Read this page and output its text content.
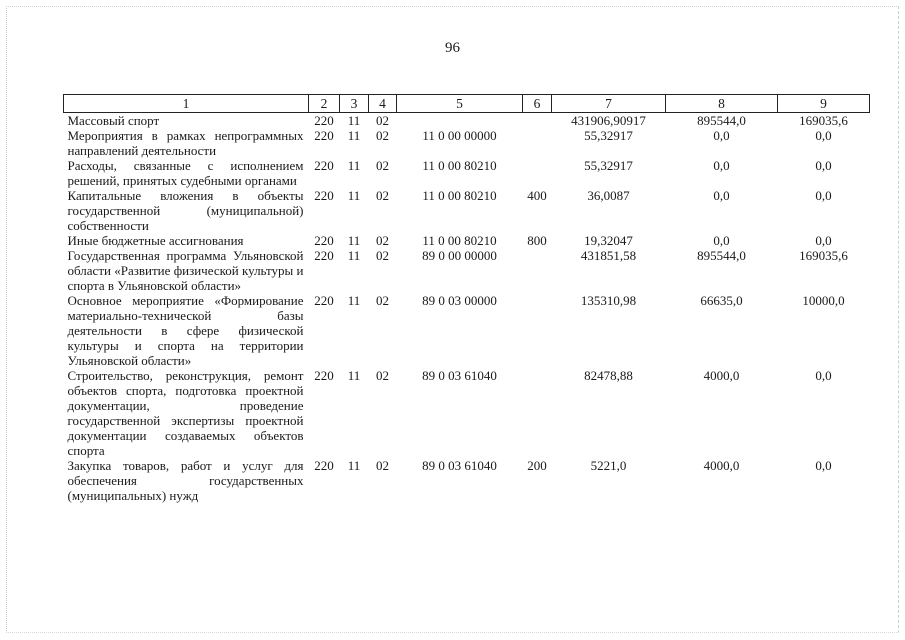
96
1	2	3	4	5	6	7	8	9
Массовый спорт	220	11	02			431906,90917	895544,0	169035,6
Мероприятия в рамках непрограммных направлений деятельности	220	11	02	11 0 00 00000		55,32917	0,0	0,0
Расходы, связанные с исполнением решений, принятых судебными органами	220	11	02	11 0 00 80210		55,32917	0,0	0,0
Капитальные вложения в объекты государственной (муниципальной) собственности	220	11	02	11 0 00 80210	400	36,0087	0,0	0,0
Иные бюджетные ассигнования	220	11	02	11 0 00 80210	800	19,32047	0,0	0,0
Государственная программа Ульяновской области «Развитие физической культуры и спорта в Ульяновской области»	220	11	02	89 0 00 00000		431851,58	895544,0	169035,6
Основное мероприятие «Формирование материально-технической базы деятельности в сфере физической культуры и спорта на территории Ульяновской области»	220	11	02	89 0 03 00000		135310,98	66635,0	10000,0
Строительство, реконструкция, ремонт объектов спорта, подготовка проектной документации, проведение государственной экспертизы проектной документации создаваемых объектов спорта	220	11	02	89 0 03 61040		82478,88	4000,0	0,0
Закупка товаров, работ и услуг для обеспечения государственных (муниципальных) нужд	220	11	02	89 0 03 61040	200	5221,0	4000,0	0,0
